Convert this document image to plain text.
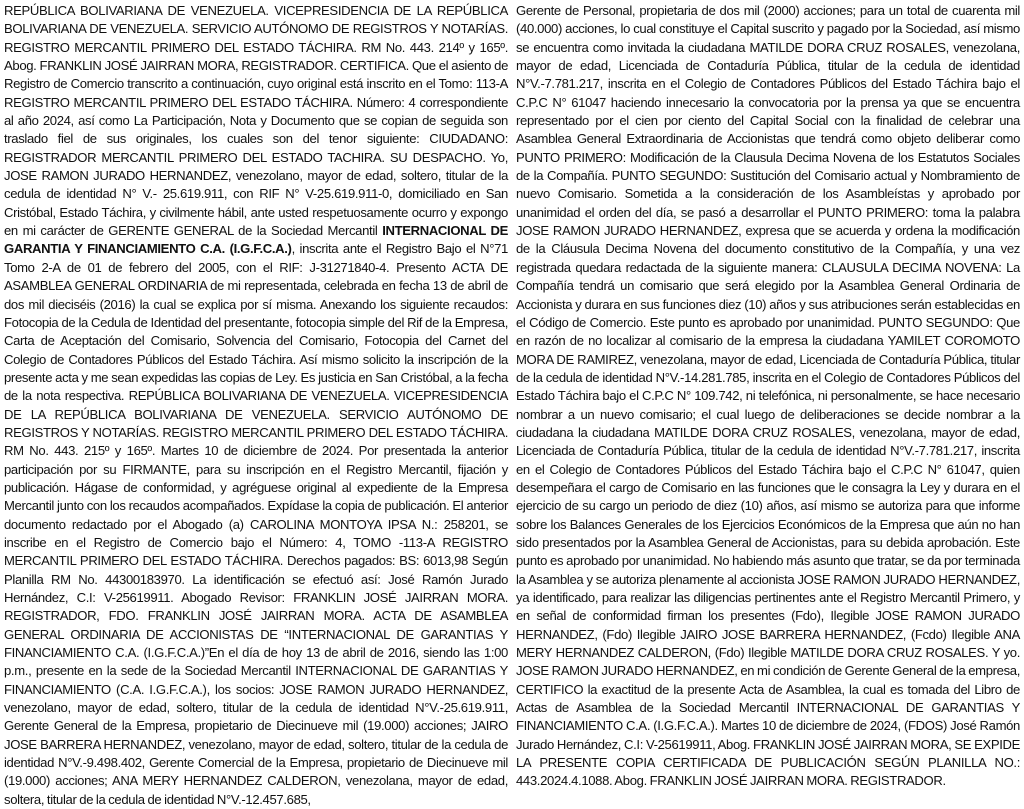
REPÚBLICA BOLIVARIANA DE VENEZUELA. VICEPRESIDENCIA DE LA REPÚBLICA BOLIVARIANA DE VENEZUELA. SERVICIO AUTÓNOMO DE REGISTROS Y NOTARÍAS. REGISTRO MERCANTIL PRIMERO DEL ESTADO TÁCHIRA. RM No. 443. 214º y 165º. Abog. FRANKLIN JOSÉ JAIRRAN MORA, REGISTRADOR. CERTIFICA. Que el asiento de Registro de Comercio transcrito a continuación, cuyo original está inscrito en el Tomo: 113-A REGISTRO MERCANTIL PRIMERO DEL ESTADO TÁCHIRA. Número: 4 correspondiente al año 2024, así como La Participación, Nota y Documento que se copian de seguida son traslado fiel de sus originales, los cuales son del tenor siguiente: CIUDADANO: REGISTRADOR MERCANTIL PRIMERO DEL ESTADO TACHIRA. SU DESPACHO. Yo, JOSE RAMON JURADO HERNANDEZ, venezolano, mayor de edad, soltero, titular de la cedula de identidad N° V.- 25.619.911, con RIF N° V-25.619.911-0, domiciliado en San Cristóbal, Estado Táchira, y civilmente hábil, ante usted respetuosamente ocurro y expongo en mi carácter de GERENTE GENERAL de la Sociedad Mercantil INTERNACIONAL DE GARANTIA Y FINANCIAMIENTO C.A. (I.G.F.C.A.), inscrita ante el Registro Bajo el N°71 Tomo 2-A de 01 de febrero del 2005, con el RIF: J-31271840-4. Presento ACTA DE ASAMBLEA GENERAL ORDINARIA de mi representada, celebrada en fecha 13 de abril de dos mil dieciséis (2016) la cual se explica por sí misma. Anexando los siguiente recaudos: Fotocopia de la Cedula de Identidad del presentante, fotocopia simple del Rif de la Empresa, Carta de Aceptación del Comisario, Solvencia del Comisario, Fotocopia del Carnet del Colegio de Contadores Públicos del Estado Táchira. Así mismo solicito la inscripción de la presente acta y me sean expedidas las copias de Ley. Es justicia en San Cristóbal, a la fecha de la nota respectiva. REPÚBLICA BOLIVARIANA DE VENEZUELA. VICEPRESIDENCIA DE LA REPÚBLICA BOLIVARIANA DE VENEZUELA. SERVICIO AUTÓNOMO DE REGISTROS Y NOTARÍAS. REGISTRO MERCANTIL PRIMERO DEL ESTADO TÁCHIRA. RM No. 443. 215º y 165º. Martes 10 de diciembre de 2024. Por presentada la anterior participación por su FIRMANTE, para su inscripción en el Registro Mercantil, fijación y publicación. Hágase de conformidad, y agréguese original al expediente de la Empresa Mercantil junto con los recaudos acompañados. Expídase la copia de publicación. El anterior documento redactado por el Abogado (a) CAROLINA MONTOYA IPSA N.: 258201, se inscribe en el Registro de Comercio bajo el Número: 4, TOMO -113-A REGISTRO MERCANTIL PRIMERO DEL ESTADO TÁCHIRA. Derechos pagados: BS: 6013,98 Según Planilla RM No. 44300183970. La identificación se efectuó así: José Ramón Jurado Hernández, C.I: V-25619911. Abogado Revisor: FRANKLIN JOSÉ JAIRRAN MORA. REGISTRADOR, FDO. FRANKLIN JOSÉ JAIRRAN MORA. ACTA DE ASAMBLEA GENERAL ORDINARIA DE ACCIONISTAS DE “INTERNACIONAL DE GARANTIAS Y FINANCIAMIENTO C.A. (I.G.F.C.A.)”En el día de hoy 13 de abril de 2016, siendo las 1:00 p.m., presente en la sede de la Sociedad Mercantil INTERNACIONAL DE GARANTIAS Y FINANCIAMIENTO (C.A. I.G.F.C.A.), los socios: JOSE RAMON JURADO HERNANDEZ, venezolano, mayor de edad, soltero, titular de la cedula de identidad N°V.-25.619.911, Gerente General de la Empresa, propietario de Diecinueve mil (19.000) acciones; JAIRO JOSE BARRERA HERNANDEZ, venezolano, mayor de edad, soltero, titular de la cedula de identidad N°V.-9.498.402, Gerente Comercial de la Empresa, propietario de Diecinueve mil (19.000) acciones; ANA MERY HERNANDEZ CALDERON, venezolana, mayor de edad, soltera, titular de la cedula de identidad N°V.-12.457.685,

Gerente de Personal, propietaria de dos mil (2000) acciones; para un total de cuarenta mil (40.000) acciones, lo cual constituye el Capital suscrito y pagado por la Sociedad, así mismo se encuentra como invitada la ciudadana MATILDE DORA CRUZ ROSALES, venezolana, mayor de edad, Licenciada de Contaduría Pública, titular de la cedula de identidad N°V.-7.781.217, inscrita en el Colegio de Contadores Públicos del Estado Táchira bajo el C.P.C N° 61047 haciendo innecesario la convocatoria por la prensa ya que se encuentra representado por el cien por ciento del Capital Social con la finalidad de celebrar una Asamblea General Extraordinaria de Accionistas que tendrá como objeto deliberar como PUNTO PRIMERO: Modificación de la Clausula Decima Novena de los Estatutos Sociales de la Compañía. PUNTO SEGUNDO: Sustitución del Comisario actual y Nombramiento de nuevo Comisario. Sometida a la consideración de los Asambleístas y aprobado por unanimidad el orden del día, se pasó a desarrollar el PUNTO PRIMERO: toma la palabra JOSE RAMON JURADO HERNANDEZ, expresa que se acuerda y ordena la modificación de la Cláusula Decima Novena del documento constitutivo de la Compañía, y una vez registrada quedara redactada de la siguiente manera: CLAUSULA DECIMA NOVENA: La Compañía tendrá un comisario que será elegido por la Asamblea General Ordinaria de Accionista y durara en sus funciones diez (10) años y sus atribuciones serán establecidas en el Código de Comercio. Este punto es aprobado por unanimidad. PUNTO SEGUNDO: Que en razón de no localizar al comisario de la empresa la ciudadana YAMILET COROMOTO MORA DE RAMIREZ, venezolana, mayor de edad, Licenciada de Contaduría Pública, titular de la cedula de identidad N°V.-14.281.785, inscrita en el Colegio de Contadores Públicos del Estado Táchira bajo el C.P.C N° 109.742, ni telefónica, ni personalmente, se hace necesario nombrar a un nuevo comisario; el cual luego de deliberaciones se decide nombrar a la ciudadana la ciudadana MATILDE DORA CRUZ ROSALES, venezolana, mayor de edad, Licenciada de Contaduría Pública, titular de la cedula de identidad N°V.-7.781.217, inscrita en el Colegio de Contadores Públicos del Estado Táchira bajo el C.P.C N° 61047, quien desempeñara el cargo de Comisario en las funciones que le consagra la Ley y durara en el ejercicio de su cargo un periodo de diez (10) años, así mismo se autoriza para que informe sobre los Balances Generales de los Ejercicios Económicos de la Empresa que aún no han sido presentados por la Asamblea General de Accionistas, para su debida aprobación. Este punto es aprobado por unanimidad. No habiendo más asunto que tratar, se da por terminada la Asamblea y se autoriza plenamente al accionista JOSE RAMON JURADO HERNANDEZ, ya identificado, para realizar las diligencias pertinentes ante el Registro Mercantil Primero, y en señal de conformidad firman los presentes (Fdo), Ilegible JOSE RAMON JURADO HERNANDEZ, (Fdo) Ilegible JAIRO JOSE BARRERA HERNANDEZ, (Fcdo) Ilegible ANA MERY HERNANDEZ CALDERON, (Fdo) Ilegible MATILDE DORA CRUZ ROSALES. Y yo. JOSE RAMON JURADO HERNANDEZ, en mi condición de Gerente General de la empresa, CERTIFICO la exactitud de la presente Acta de Asamblea, la cual es tomada del Libro de Actas de Asamblea de la Sociedad Mercantil INTERNACIONAL DE GARANTIAS Y FINANCIAMIENTO C.A. (I.G.F.C.A.). Martes 10 de diciembre de 2024, (FDOS) José Ramón Jurado Hernández, C.I: V-25619911, Abog. FRANKLIN JOSÉ JAIRRAN MORA, SE EXPIDE LA PRESENTE COPIA CERTIFICADA DE PUBLICACIÓN SEGÚN PLANILLA NO.: 443.2024.4.1088. Abog. FRANKLIN JOSÉ JAIRRAN MORA. REGISTRADOR.
